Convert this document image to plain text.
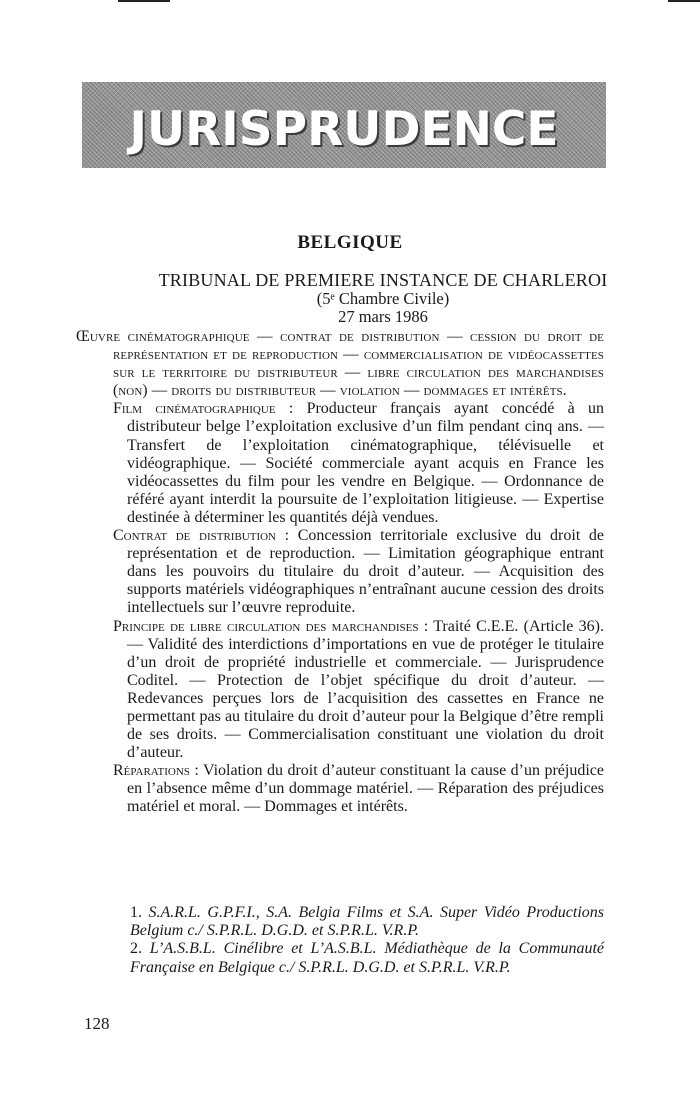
JURISPRUDENCE
BELGIQUE
TRIBUNAL DE PREMIERE INSTANCE DE CHARLEROI
(5ᵉ Chambre Civile)
27 mars 1986

Œuvre cinématographique — contrat de distribution — cession du droit de représentation et de reproduction — commercialisation de vidéocassettes sur le territoire du distributeur — libre circulation des marchandises (non) — droits du distributeur — violation — dommages et intérêts.

Film cinématographique : Producteur français ayant concédé à un distributeur belge l’exploitation exclusive d’un film pendant cinq ans. — Transfert de l’exploitation cinématographique, télévisuelle et vidéographique. — Société commerciale ayant acquis en France les vidéocassettes du film pour les vendre en Belgique. — Ordonnance de référé ayant interdit la poursuite de l’exploitation litigieuse. — Expertise destinée à déterminer les quantités déjà vendues.

Contrat de distribution : Concession territoriale exclusive du droit de représentation et de reproduction. — Limitation géographique entrant dans les pouvoirs du titulaire du droit d’auteur. — Acquisition des supports matériels vidéographiques n’entraînant aucune cession des droits intellectuels sur l’œuvre reproduite.

Principe de libre circulation des marchandises : Traité C.E.E. (Article 36). — Validité des interdictions d’importations en vue de protéger le titulaire d’un droit de propriété industrielle et commerciale. — Jurisprudence Coditel. — Protection de l’objet spécifique du droit d’auteur. — Redevances perçues lors de l’acquisition des cassettes en France ne permettant pas au titulaire du droit d’auteur pour la Belgique d’être rempli de ses droits. — Commercialisation constituant une violation du droit d’auteur.

Réparations : Violation du droit d’auteur constituant la cause d’un préjudice en l’absence même d’un dommage matériel. — Réparation des préjudices matériel et moral. — Dommages et intérêts.

1. S.A.R.L. G.P.F.I., S.A. Belgia Films et S.A. Super Vidéo Productions Belgium c./ S.P.R.L. D.G.D. et S.P.R.L. V.R.P.

2. L’A.S.B.L. Cinélibre et L’A.S.B.L. Médiathèque de la Communauté Française en Belgique c./ S.P.R.L. D.G.D. et S.P.R.L. V.R.P.

128
